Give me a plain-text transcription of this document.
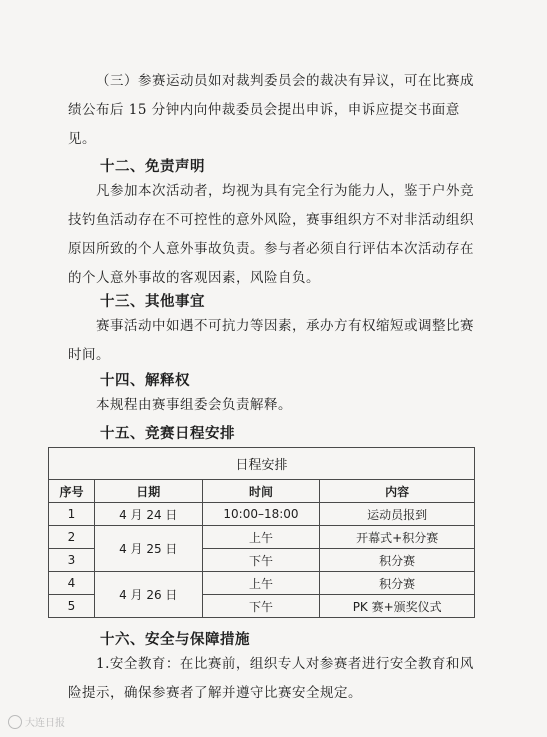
（三）参赛运动员如对裁判委员会的裁决有异议，可在比赛成绩公布后 15 分钟内向仲裁委员会提出申诉，申诉应提交书面意见。

十二、免责声明

凡参加本次活动者，均视为具有完全行为能力人，鉴于户外竞技钓鱼活动存在不可控性的意外风险，赛事组织方不对非活动组织原因所致的个人意外事故负责。参与者必须自行评估本次活动存在的个人意外事故的客观因素，风险自负。

十三、其他事宜

赛事活动中如遇不可抗力等因素，承办方有权缩短或调整比赛时间。

十四、解释权

本规程由赛事组委会负责解释。

十五、竞赛日程安排
日程安排			
序号	日期	时间	内容
1	4 月 24 日	10:00–18:00	运动员报到
2	4 月 25 日	上午	开幕式+积分赛
3		下午	积分赛
4	4 月 26 日	上午	积分赛
5		下午	PK 赛+颁奖仪式
十六、安全与保障措施

1.安全教育：在比赛前，组织专人对参赛者进行安全教育和风险提示，确保参赛者了解并遵守比赛安全规定。

大连日报
